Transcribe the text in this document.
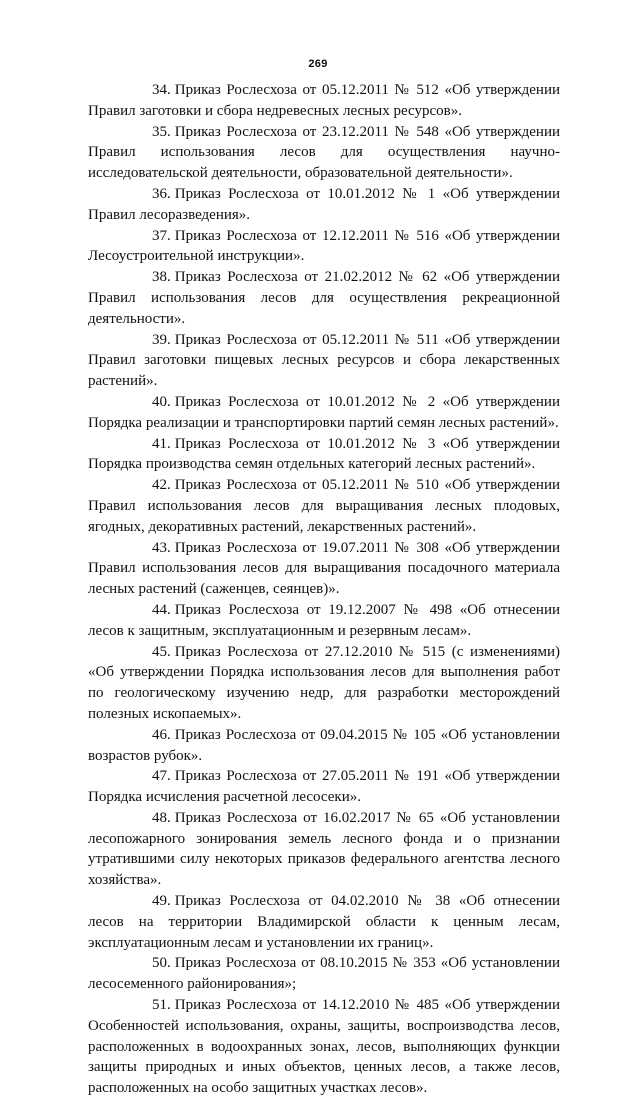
269

34. Приказ Рослесхоза от 05.12.2011 № 512 «Об утверждении Правил заготовки и сбора недревесных лесных ресурсов».

35. Приказ Рослесхоза от 23.12.2011 № 548 «Об утверждении Правил использования лесов для осуществления научно-исследовательской деятельности, образовательной деятельности».

36. Приказ Рослесхоза от 10.01.2012 № 1 «Об утверждении Правил лесоразведения».

37. Приказ Рослесхоза от 12.12.2011 № 516 «Об утверждении Лесоустроительной инструкции».

38. Приказ Рослесхоза от 21.02.2012 № 62 «Об утверждении Правил использования лесов для осуществления рекреационной деятельности».

39. Приказ Рослесхоза от 05.12.2011 № 511 «Об утверждении Правил заготовки пищевых лесных ресурсов и сбора лекарственных растений».

40. Приказ Рослесхоза от 10.01.2012 № 2 «Об утверждении Порядка реализации и транспортировки партий семян лесных растений».

41. Приказ Рослесхоза от 10.01.2012 № 3 «Об утверждении Порядка производства семян отдельных категорий лесных растений».

42. Приказ Рослесхоза от 05.12.2011 № 510 «Об утверждении Правил использования лесов для выращивания лесных плодовых, ягодных, декоративных растений, лекарственных растений».

43. Приказ Рослесхоза от 19.07.2011 № 308 «Об утверждении Правил использования лесов для выращивания посадочного материала лесных растений (саженцев, сеянцев)».

44. Приказ Рослесхоза от 19.12.2007 № 498 «Об отнесении лесов к защитным, эксплуатационным и резервным лесам».

45. Приказ Рослесхоза от 27.12.2010 № 515 (с изменениями) «Об утверждении Порядка использования лесов для выполнения работ по геологическому изучению недр, для разработки месторождений полезных ископаемых».

46. Приказ Рослесхоза от 09.04.2015 № 105 «Об установлении возрастов рубок».

47. Приказ Рослесхоза от 27.05.2011 № 191 «Об утверждении Порядка исчисления расчетной лесосеки».

48. Приказ Рослесхоза от 16.02.2017 № 65 «Об установлении лесопожарного зонирования земель лесного фонда и о признании утратившими силу некоторых приказов федерального агентства лесного хозяйства».

49. Приказ Рослесхоза от 04.02.2010 № 38 «Об отнесении лесов на территории Владимирской области к ценным лесам, эксплуатационным лесам и установлении их границ».

50. Приказ Рослесхоза от 08.10.2015 № 353 «Об установлении лесосеменного районирования»;

51. Приказ Рослесхоза от 14.12.2010 № 485 «Об утверждении Особенностей использования, охраны, защиты, воспроизводства лесов, расположенных в водоохранных зонах, лесов, выполняющих функции защиты природных и иных объектов, ценных лесов, а также лесов, расположенных на особо защитных участках лесов».
